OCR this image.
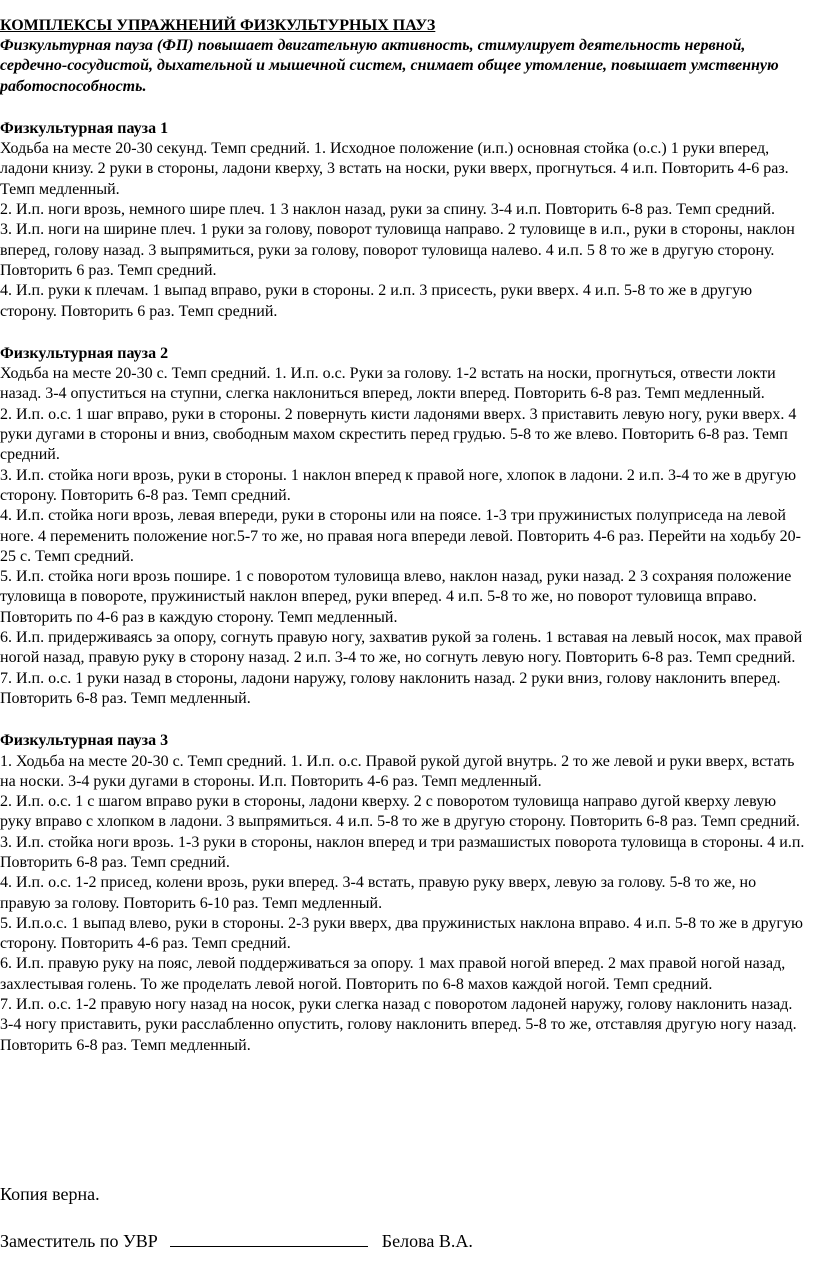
КОМПЛЕКСЫ УПРАЖНЕНИЙ ФИЗКУЛЬТУРНЫХ ПАУЗ

Физкультурная пауза (ФП) повышает двигательную активность, стимулирует деятельность нервной, сердечно-сосудистой, дыхательной и мышечной систем, снимает общее утомление, повышает умственную работоспособность.

Физкультурная пауза 1

Ходьба на месте 20-30 секунд. Темп средний. 1. Исходное положение (и.п.) основная стойка (о.с.) 1 руки вперед, ладони книзу. 2 руки в стороны, ладони кверху, 3 встать на носки, руки вверх, прогнуться. 4 и.п. Повторить 4-6 раз. Темп медленный.

2. И.п. ноги врозь, немного шире плеч. 1 3 наклон назад, руки за спину. 3-4 и.п. Повторить 6-8 раз. Темп средний.

3. И.п. ноги на ширине плеч. 1 руки за голову, поворот туловища направо. 2 туловище в и.п., руки в стороны, наклон вперед, голову назад. 3 выпрямиться, руки за голову, поворот туловища налево. 4 и.п. 5 8 то же в другую сторону. Повторить 6 раз. Темп средний.

4. И.п. руки к плечам. 1 выпад вправо, руки в стороны. 2 и.п. 3 присесть, руки вверх. 4 и.п. 5-8 то же в другую сторону. Повторить 6 раз. Темп средний.

Физкультурная пауза 2

Ходьба на месте 20-30 с. Темп средний. 1. И.п. о.с. Руки за голову. 1-2 встать на носки, прогнуться, отвести локти назад. 3-4 опуститься на ступни, слегка наклониться вперед, локти вперед. Повторить 6-8 раз. Темп медленный.

2. И.п. о.с. 1 шаг вправо, руки в стороны. 2 повернуть кисти ладонями вверх. 3 приставить левую ногу, руки вверх. 4 руки дугами в стороны и вниз, свободным махом скрестить перед грудью. 5-8 то же влево. Повторить 6-8 раз. Темп средний.

3. И.п. стойка ноги врозь, руки в стороны. 1 наклон вперед к правой ноге, хлопок в ладони. 2 и.п. 3-4 то же в другую сторону. Повторить 6-8 раз. Темп средний.

4. И.п. стойка ноги врозь, левая впереди, руки в стороны или на поясе. 1-3 три пружинистых полуприседа на левой ноге. 4 переменить положение ног.5-7 то же, но правая нога впереди левой. Повторить 4-6 раз. Перейти на ходьбу 20-25 с. Темп средний.

5. И.п. стойка ноги врозь пошире. 1 с поворотом туловища влево, наклон назад, руки назад. 2 3 сохраняя положение туловища в повороте, пружинистый наклон вперед, руки вперед. 4 и.п. 5-8 то же, но поворот туловища вправо. Повторить по 4-6 раз в каждую сторону. Темп медленный.

6. И.п. придерживаясь за опору, согнуть правую ногу, захватив рукой за голень. 1 вставая на левый носок, мах правой ногой назад, правую руку в сторону назад. 2 и.п. 3-4 то же, но согнуть левую ногу. Повторить 6-8 раз. Темп средний.

7. И.п. о.с. 1 руки назад в стороны, ладони наружу, голову наклонить назад. 2 руки вниз, голову наклонить вперед. Повторить 6-8 раз. Темп медленный.

Физкультурная пауза 3

1. Ходьба на месте 20-30 с. Темп средний. 1. И.п. о.с. Правой рукой дугой внутрь. 2 то же левой и руки вверх, встать на носки. 3-4 руки дугами в стороны. И.п. Повторить 4-6 раз. Темп медленный.

2. И.п. о.с. 1 с шагом вправо руки в стороны, ладони кверху. 2 с поворотом туловища направо дугой кверху левую руку вправо с хлопком в ладони. 3 выпрямиться. 4 и.п. 5-8 то же в другую сторону. Повторить 6-8 раз. Темп средний.

3. И.п. стойка ноги врозь. 1-3 руки в стороны, наклон вперед и три размашистых поворота туловища в стороны. 4 и.п. Повторить 6-8 раз. Темп средний.

4. И.п. о.с. 1-2 присед, колени врозь, руки вперед. 3-4 встать, правую руку вверх, левую за голову. 5-8 то же, но правую за голову. Повторить 6-10 раз. Темп медленный.

5. И.п.о.с. 1 выпад влево, руки в стороны. 2-3 руки вверх, два пружинистых наклона вправо. 4 и.п. 5-8 то же в другую сторону. Повторить 4-6 раз. Темп средний.

6. И.п. правую руку на пояс, левой поддерживаться за опору. 1 мах правой ногой вперед. 2 мах правой ногой назад, захлестывая голень. То же проделать левой ногой. Повторить по 6-8 махов каждой ногой. Темп средний.

7. И.п. о.с. 1-2 правую ногу назад на носок, руки слегка назад с поворотом ладоней наружу, голову наклонить назад. 3-4 ногу приставить, руки расслабленно опустить, голову наклонить вперед. 5-8 то же, отставляя другую ногу назад. Повторить 6-8 раз. Темп медленный.

Копия верна.

Заместитель по УВР	Белова В.А.
